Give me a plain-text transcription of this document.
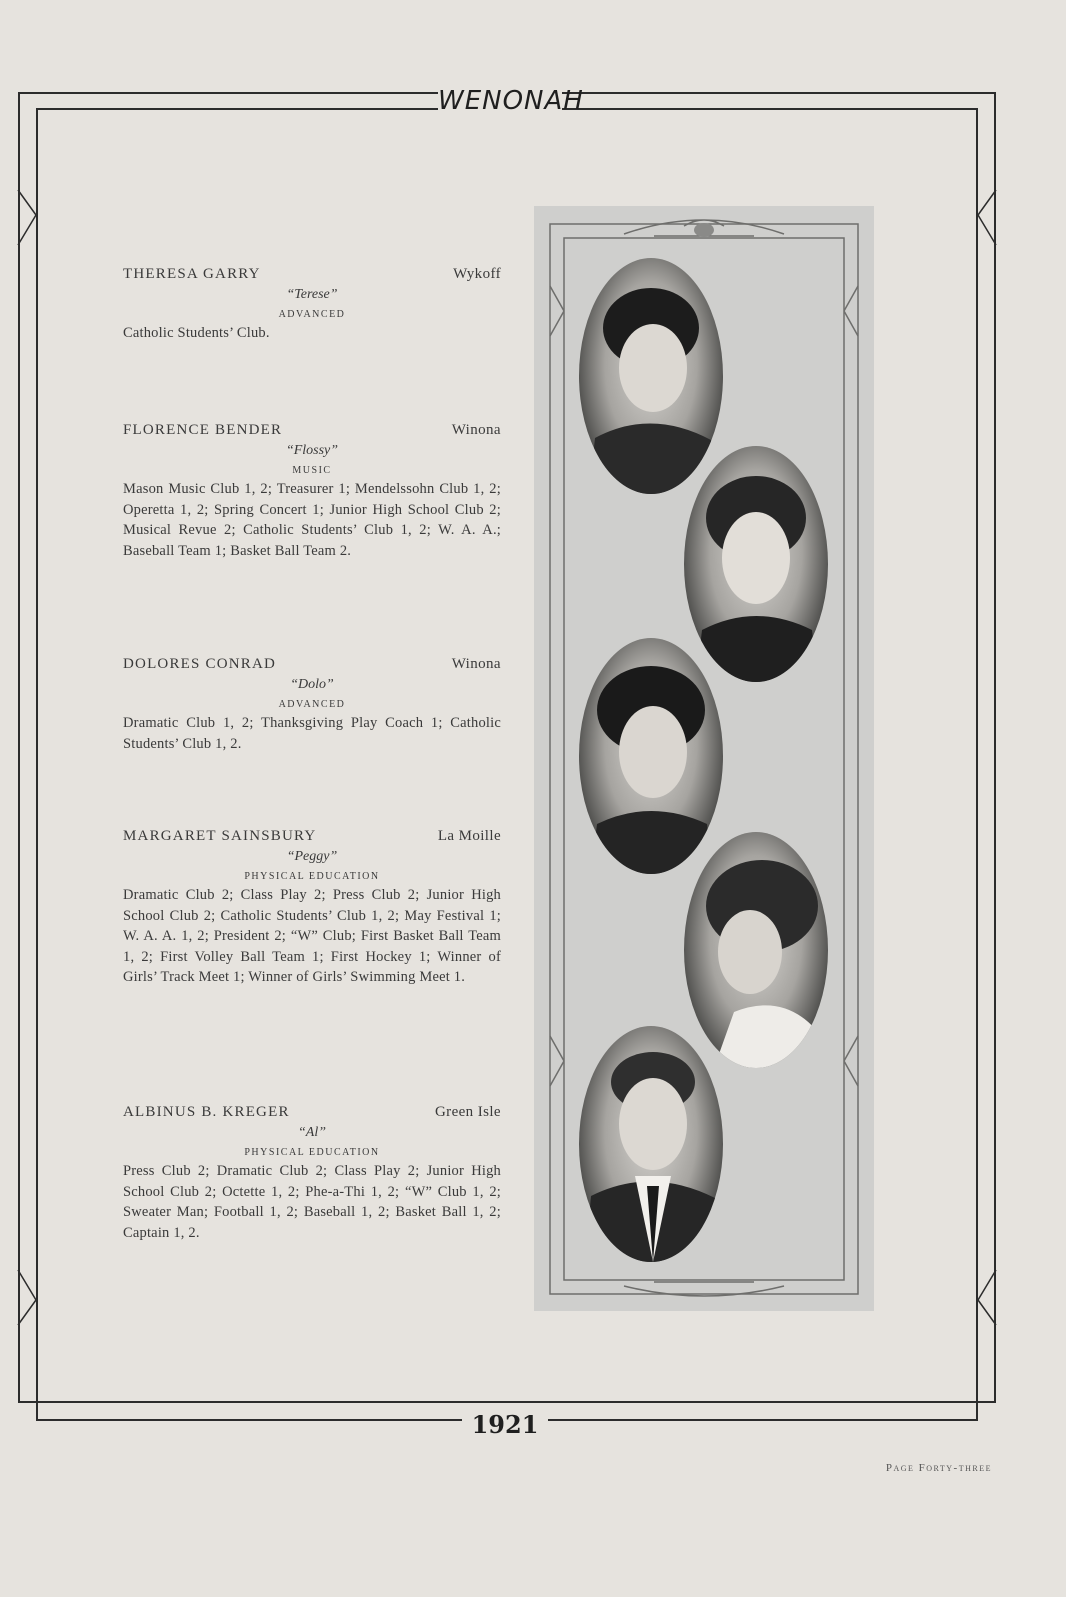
WENONAH
THERESA GARRY	Wykoff
“Terese”
ADVANCED
Catholic Students’ Club.
FLORENCE BENDER	Winona
“Flossy”
MUSIC
Mason Music Club 1, 2; Treasurer 1; Mendelssohn Club 1, 2; Operetta 1, 2; Spring Concert 1; Junior High School Club 2; Musical Revue 2; Catholic Students’ Club 1, 2; W. A. A.; Baseball Team 1; Basket Ball Team 2.
DOLORES CONRAD	Winona
“Dolo”
ADVANCED
Dramatic Club 1, 2; Thanksgiving Play Coach 1; Catholic Students’ Club 1, 2.
MARGARET SAINSBURY	La Moille
“Peggy”
PHYSICAL EDUCATION
Dramatic Club 2; Class Play 2; Press Club 2; Junior High School Club 2; Catholic Students’ Club 1, 2; May Festival 1; W. A. A. 1, 2; President 2; “W” Club; First Basket Ball Team 1, 2; First Volley Ball Team 1; First Hockey 1; Winner of Girls’ Track Meet 1; Winner of Girls’ Swimming Meet 1.
ALBINUS B. KREGER	Green Isle
“Al”
PHYSICAL EDUCATION
Press Club 2; Dramatic Club 2; Class Play 2; Junior High School Club 2; Octette 1, 2; Phe-a-Thi 1, 2; “W” Club 1, 2; Sweater Man; Football 1, 2; Baseball 1, 2; Basket Ball 1, 2; Captain 1, 2.
1921
Page Forty-three
